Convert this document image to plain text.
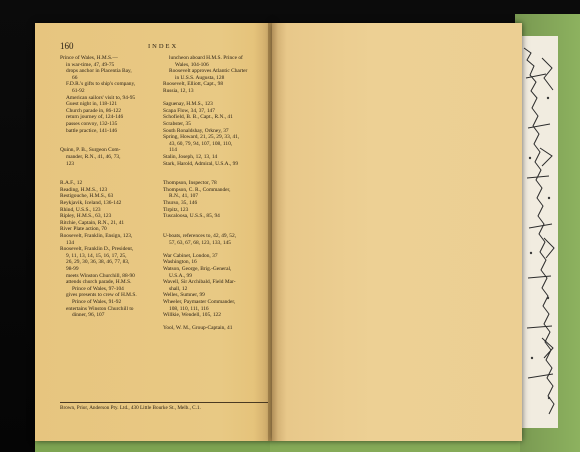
160	INDEX
Prince of Wales, H.M.S.—
in war-time, 47, 49-75
drops anchor in Placentia Bay,
66
F.D.R.'s gifts to ship's company,
61-92
American sailors' visit to, 94-95
Guest night in, 118-121
Church parade in, 86-122
return journey of, 124-146
passes convoy, 132-135
battle practice, 141-146
Quinn, P. B., Surgeon Com-
mander, R.N., 41, 46, 73,
123
R.A.F., 12
Reading, H.M.S., 123
Restigouche, H.M.S., 63
Reykjavik, Iceland, 136-142
Rhind, U.S.S., 123
Ripley, H.M.S., 63, 123
Ritchie, Captain, R.N., 21, 41
River Plate action, 70
Roosevelt, Franklin, Ensign, 123,
134
Roosevelt, Franklin D., President,
9, 11, 13, 14, 15, 16, 17, 25,
26, 29, 30, 36, 38, 46, 77, 83,
98-99
meets Winston Churchill, 88-90
attends church parade, H.M.S.
Prince of Wales, 97-104
gives presents to crew of H.M.S.
Prince of Wales, 91-92
entertains Winston Churchill to
dinner, 96, 107
luncheon aboard H.M.S. Prince of
Wales, 104-106
Roosevelt approves Atlantic Charter
in U.S.S. Augusta, 128
Roosevelt, Elliott, Capt., 98
Russia, 12, 13
Saguenay, H.M.S., 123
Scapa Flow, 34, 37, 147
Schofield, B. B., Capt., R.N., 41
Scrabster, 35
South Ronaldshay, Orkney, 37
Spring, Howard, 21, 25, 29, 33, 41,
43, 60, 79, 94, 107, 108, 110,
114
Stalin, Joseph, 12, 13, 14
Stark, Harold, Admiral, U.S.A., 99
Thompson, Inspector, 78
Thompson, C. R., Commander,
R.N., 41, 107
Thurso, 35, 146
Tirpitz, 123
Tuscaloosa, U.S.S., 85, 94
U-boats, references to, 42, 49, 52,
57, 63, 67, 68, 123, 133, 145
War Cabinet, London, 37
Washington, 16
Watson, George, Brig.-General,
U.S.A., 99
Wavell, Sir Archibald, Field Mar-
shall, 12
Welles, Sumner, 99
Wheeler, Paymaster Commander,
108, 110, 111, 116
Willkie, Wendell, 105, 122
Yool, W. M., Group-Captain, 41
Brown, Prior, Anderson Pty. Ltd., 430 Little Bourke St., Melb., C.1.
